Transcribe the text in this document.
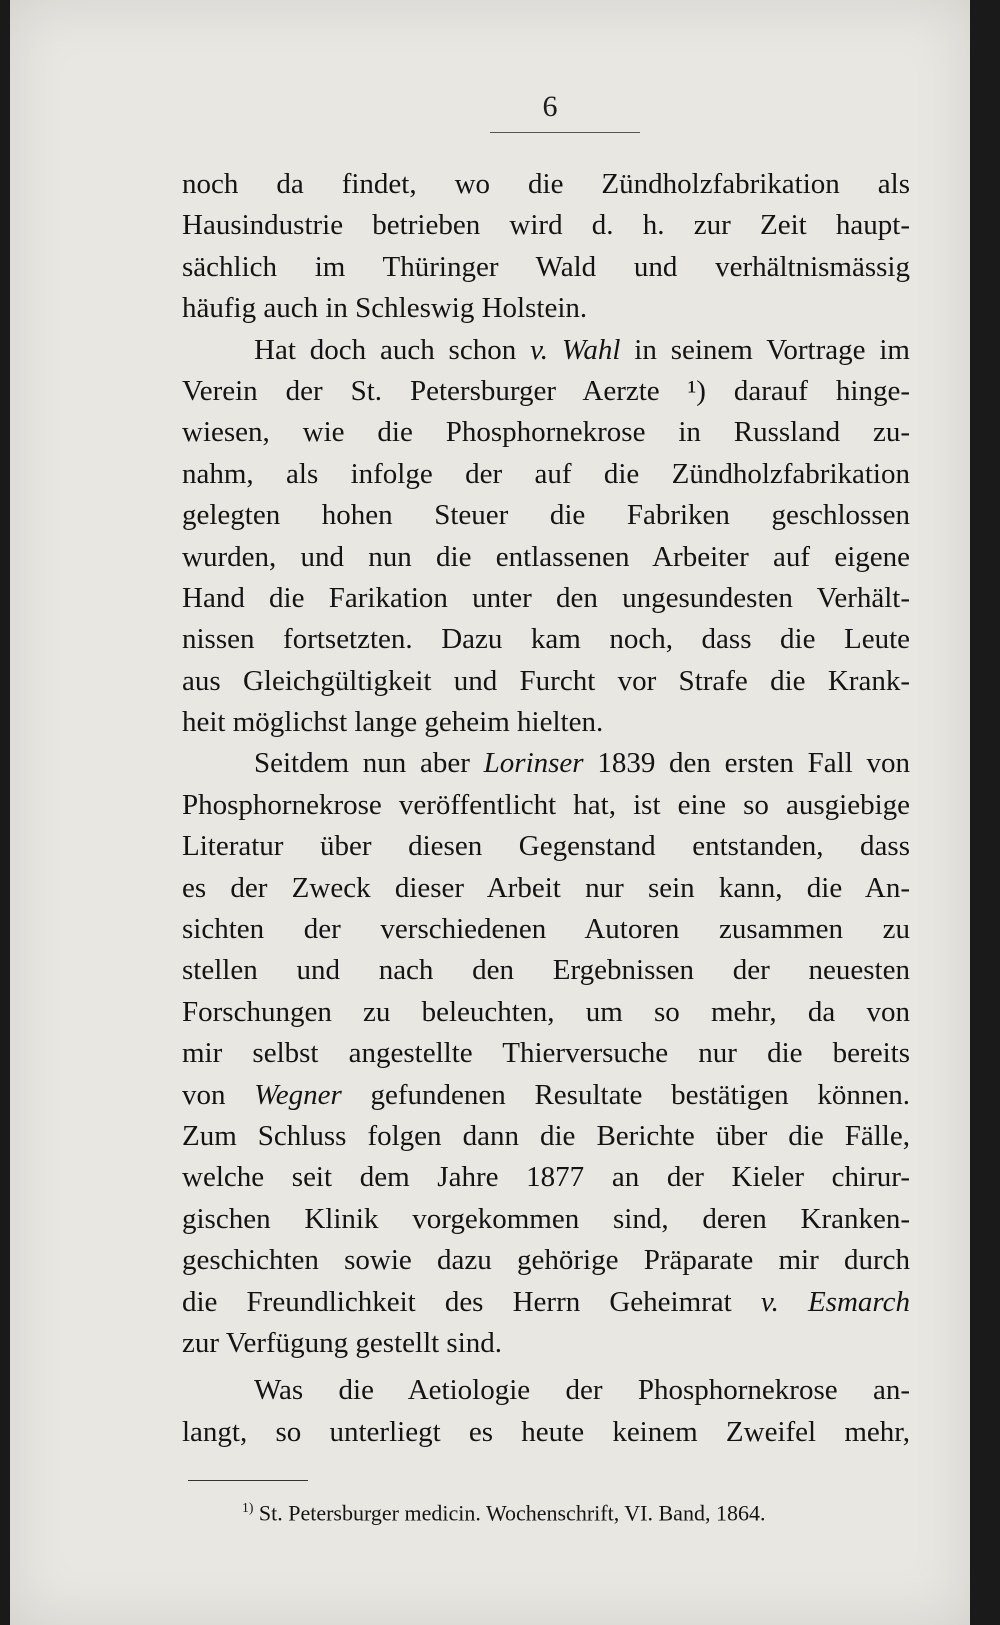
6
noch da findet, wo die Zündholzfabrikation als
Hausindustrie betrieben wird d. h. zur Zeit haupt-
sächlich im Thüringer Wald und verhältnismässig
häufig auch in Schleswig Holstein.
Hat doch auch schon v. Wahl in seinem Vortrage im
Verein der St. Petersburger Aerzte ¹) darauf hinge-
wiesen, wie die Phosphornekrose in Russland zu-
nahm, als infolge der auf die Zündholzfabrikation
gelegten hohen Steuer die Fabriken geschlossen
wurden, und nun die entlassenen Arbeiter auf eigene
Hand die Farikation unter den ungesundesten Verhält-
nissen fortsetzten. Dazu kam noch, dass die Leute
aus Gleichgültigkeit und Furcht vor Strafe die Krank-
heit möglichst lange geheim hielten.
Seitdem nun aber Lorinser 1839 den ersten Fall von
Phosphornekrose veröffentlicht hat, ist eine so ausgiebige
Literatur über diesen Gegenstand entstanden, dass
es der Zweck dieser Arbeit nur sein kann, die An-
sichten der verschiedenen Autoren zusammen zu
stellen und nach den Ergebnissen der neuesten
Forschungen zu beleuchten, um so mehr, da von
mir selbst angestellte Thierversuche nur die bereits
von Wegner gefundenen Resultate bestätigen können.
Zum Schluss folgen dann die Berichte über die Fälle,
welche seit dem Jahre 1877 an der Kieler chirur-
gischen Klinik vorgekommen sind, deren Kranken-
geschichten sowie dazu gehörige Präparate mir durch
die Freundlichkeit des Herrn Geheimrat v. Esmarch
zur Verfügung gestellt sind.
Was die Aetiologie der Phosphornekrose an-
langt, so unterliegt es heute keinem Zweifel mehr,
$^{1)}$ St. Petersburger medicin. Wochenschrift, VI. Band, 1864.
